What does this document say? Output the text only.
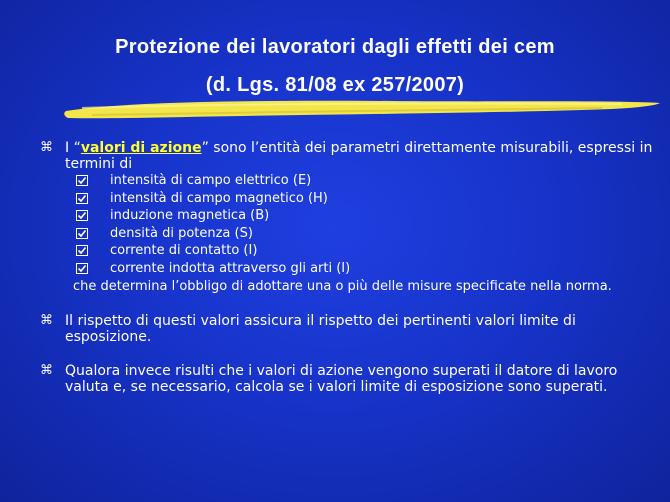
Protezione dei lavoratori dagli effetti dei cem
(d. Lgs. 81/08 ex 257/2007)
⌘ I “valori di azione” sono l’entità dei parametri direttamente misurabili, espressi in termini di
intensità di campo elettrico (E)
intensità di campo magnetico (H)
induzione magnetica (B)
densità di potenza (S)
corrente di contatto (I)
corrente indotta attraverso gli arti (I)
che determina l’obbligo di adottare una o più delle misure specificate nella norma.
⌘ Il rispetto di questi valori assicura il rispetto dei pertinenti valori limite di esposizione.
⌘ Qualora invece risulti che i valori di azione vengono superati il datore di lavoro valuta e, se necessario, calcola se i valori limite di esposizione sono superati.
